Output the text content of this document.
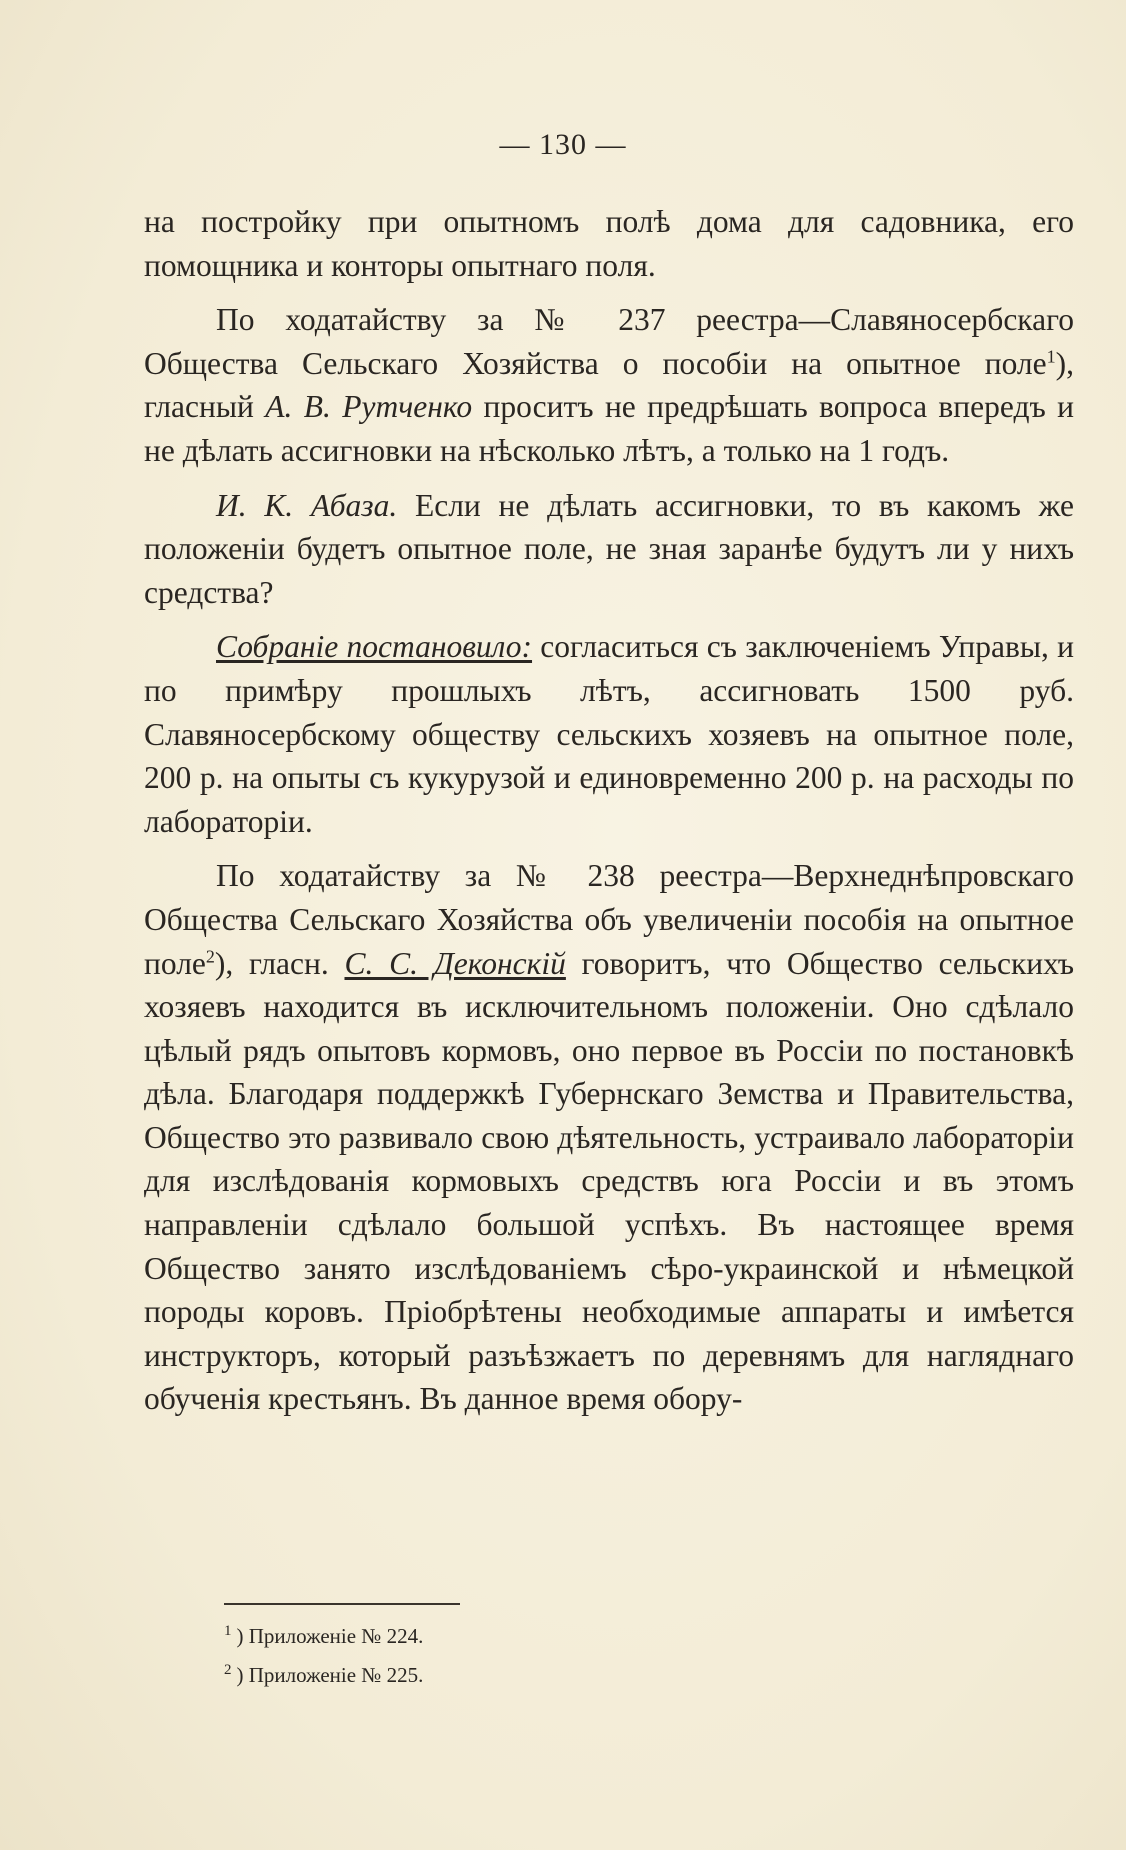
— 130 —

на постройку при опытномъ полѣ дома для садовника, его помощника и конторы опытнаго поля.

По ходатайству за № 237 реестра—Славяносербскаго Общества Сельскаго Хозяйства о пособіи на опытное поле$^1$), гласный А. В. Рутченко проситъ не предрѣшать вопроса впередъ и не дѣлать ассигновки на нѣсколько лѣтъ, а только на 1 годъ.

И. К. Абаза. Если не дѣлать ассигновки, то въ какомъ же положеніи будетъ опытное поле, не зная заранѣе будутъ ли у нихъ средства?

Собраніе постановило: согласиться съ заключеніемъ Управы, и по примѣру прошлыхъ лѣтъ, ассигновать 1500 руб. Славяносербскому обществу сельскихъ хозяевъ на опытное поле, 200 р. на опыты съ кукурузой и единовременно 200 р. на расходы по лабораторіи.

По ходатайству за № 238 реестра—Верхнеднѣпровскаго Общества Сельскаго Хозяйства объ увеличеніи пособія на опытное поле$^2$), гласн. С. С. Деконскій говоритъ, что Общество сельскихъ хозяевъ находится въ исключительномъ положеніи. Оно сдѣлало цѣлый рядъ опытовъ кормовъ, оно первое въ Россіи по постановкѣ дѣла. Благодаря поддержкѣ Губернскаго Земства и Правительства, Общество это развивало свою дѣятельность, устраивало лабораторіи для изслѣдованія кормовыхъ средствъ юга Россіи и въ этомъ направленіи сдѣлало большой успѣхъ. Въ настоящее время Общество занято изслѣдованіемъ сѣро-украинской и нѣмецкой породы коровъ. Пріобрѣтены необходимые аппараты и имѣется инструкторъ, который разъѣзжаетъ по деревнямъ для нагляднаго обученія крестьянъ. Въ данное время обору-

$^1$ ) Приложеніе № 224.
$^2$ ) Приложеніе № 225.
